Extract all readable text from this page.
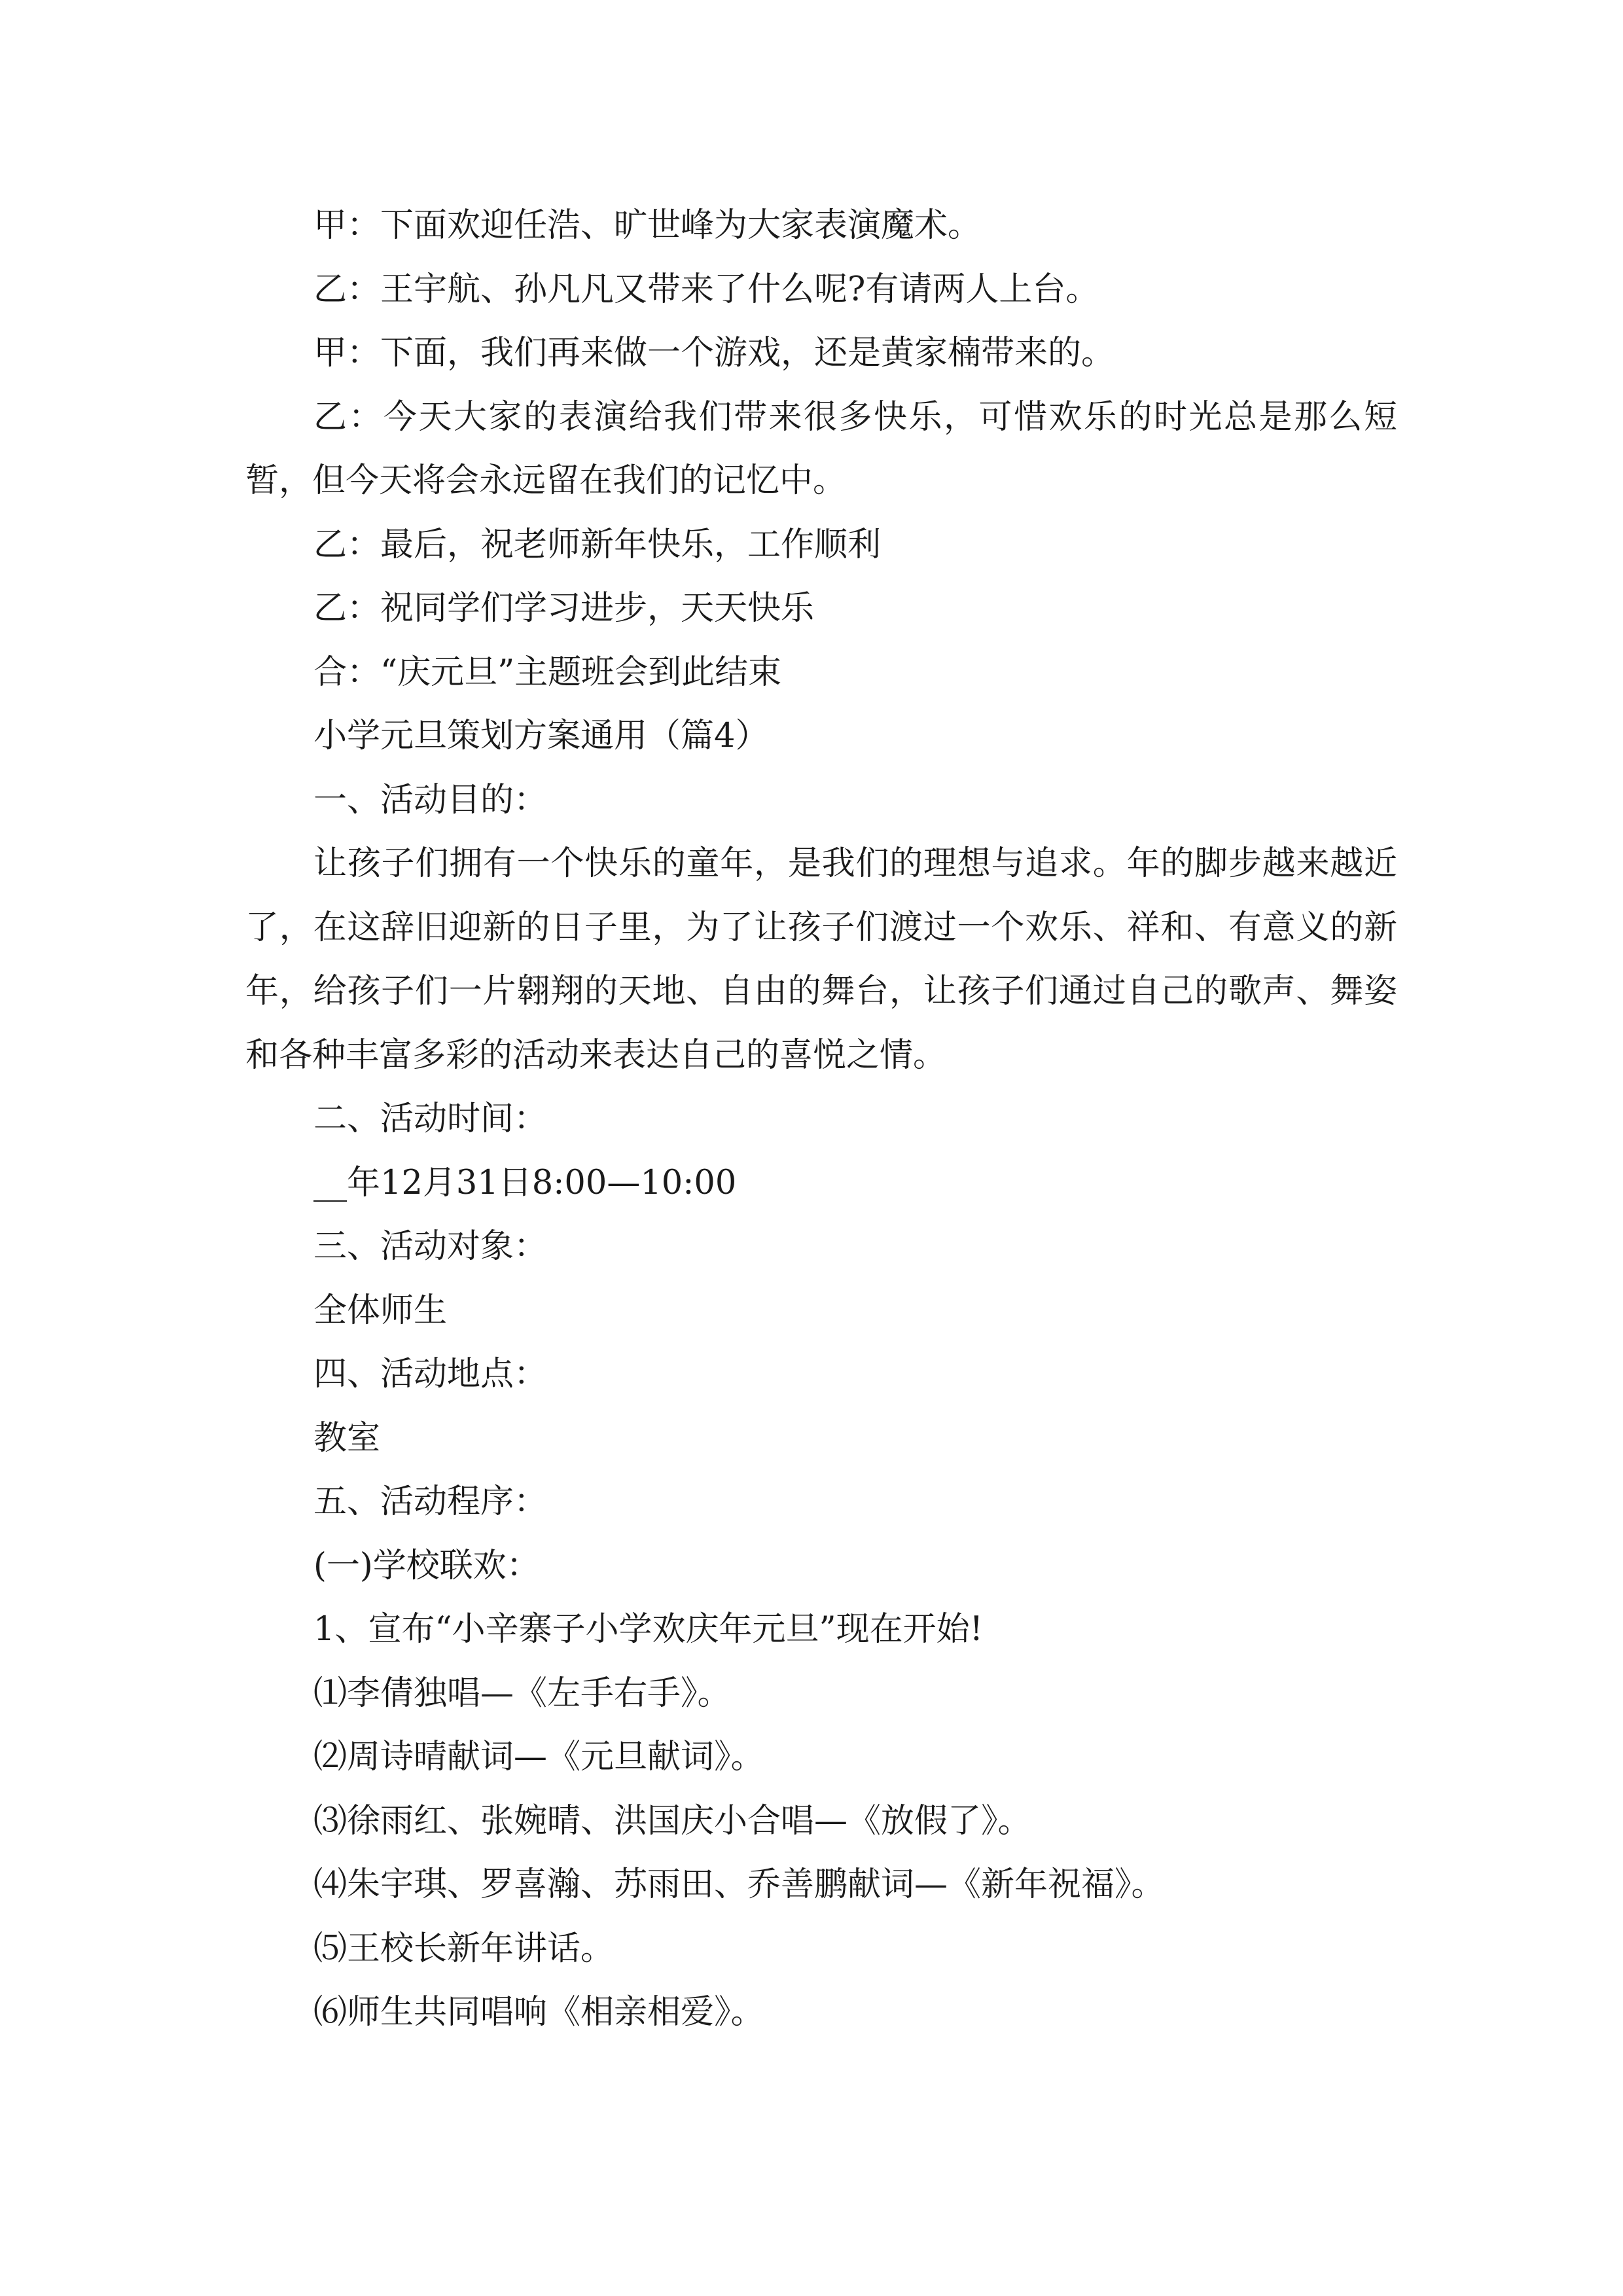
甲：下面欢迎任浩、旷世峰为大家表演魔术。

乙：王宇航、孙凡凡又带来了什么呢?有请两人上台。

甲：下面，我们再来做一个游戏，还是黄家楠带来的。

乙：今天大家的表演给我们带来很多快乐，可惜欢乐的时光总是那么短暂，但今天将会永远留在我们的记忆中。

乙：最后，祝老师新年快乐，工作顺利

乙：祝同学们学习进步，天天快乐

合：“庆元旦”主题班会到此结束

小学元旦策划方案通用（篇4）

一、活动目的：

让孩子们拥有一个快乐的童年，是我们的理想与追求。年的脚步越来越近了，在这辞旧迎新的日子里，为了让孩子们渡过一个欢乐、祥和、有意义的新年，给孩子们一片翱翔的天地、自由的舞台，让孩子们通过自己的歌声、舞姿和各种丰富多彩的活动来表达自己的喜悦之情。

二、活动时间：

__年12月31日8:00—10:00

三、活动对象：

全体师生

四、活动地点：

教室

五、活动程序：

(一)学校联欢：

1、宣布“小辛寨子小学欢庆年元旦”现在开始!

⑴李倩独唱—《左手右手》。

⑵周诗晴献词—《元旦献词》。

⑶徐雨红、张婉晴、洪国庆小合唱—《放假了》。

⑷朱宇琪、罗喜瀚、苏雨田、乔善鹏献词—《新年祝福》。

⑸王校长新年讲话。

⑹师生共同唱响《相亲相爱》。
